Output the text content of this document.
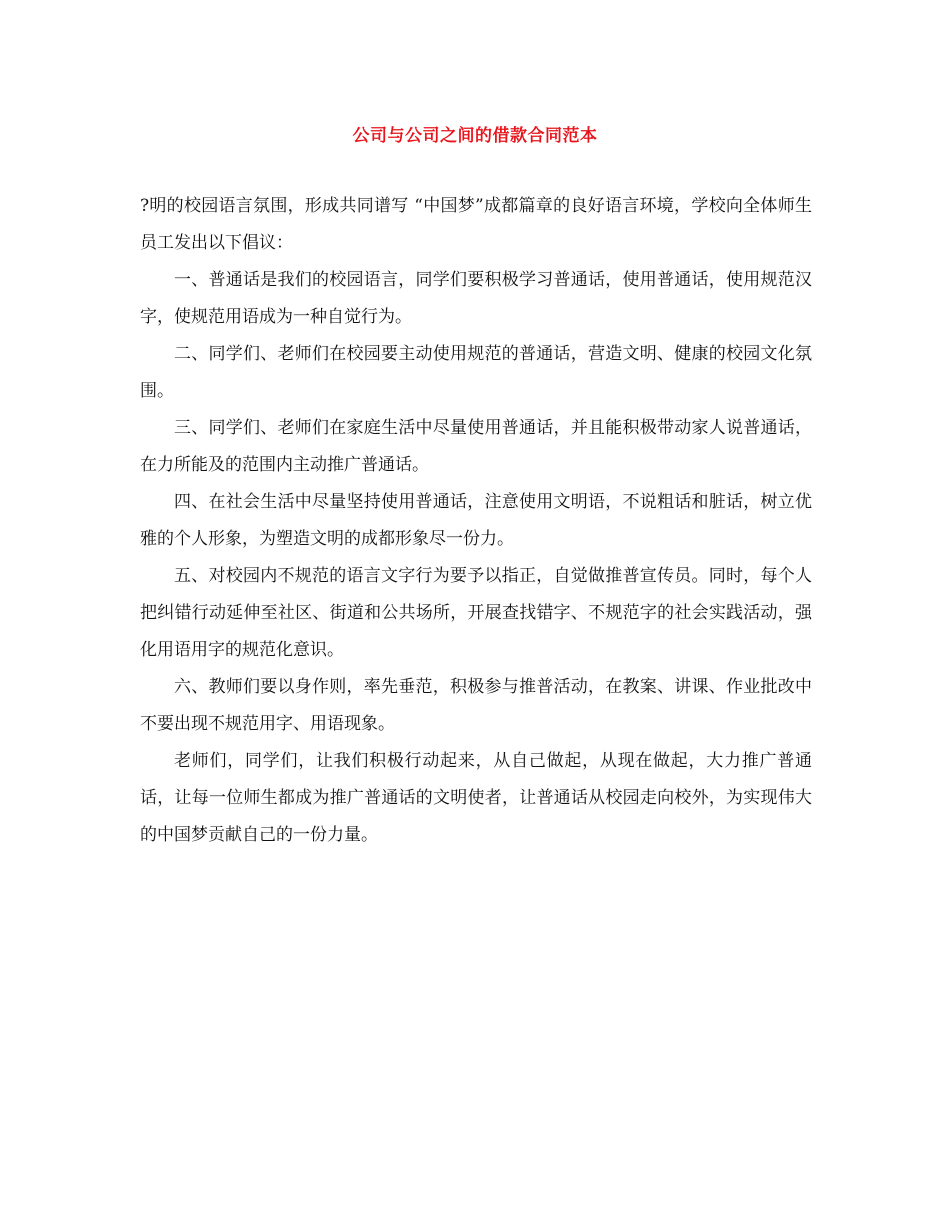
公司与公司之间的借款合同范本

?明的校园语言氛围，形成共同谱写 “中国梦”成都篇章的良好语言环境，学校向全体师生员工发出以下倡议：

一、普通话是我们的校园语言，同学们要积极学习普通话，使用普通话，使用规范汉字，使规范用语成为一种自觉行为。

二、同学们、老师们在校园要主动使用规范的普通话，营造文明、健康的校园文化氛围。

三、同学们、老师们在家庭生活中尽量使用普通话，并且能积极带动家人说普通话，在力所能及的范围内主动推广普通话。

四、在社会生活中尽量坚持使用普通话，注意使用文明语，不说粗话和脏话，树立优雅的个人形象，为塑造文明的成都形象尽一份力。

五、对校园内不规范的语言文字行为要予以指正，自觉做推普宣传员。同时，每个人把纠错行动延伸至社区、街道和公共场所，开展查找错字、不规范字的社会实践活动，强化用语用字的规范化意识。

六、教师们要以身作则，率先垂范，积极参与推普活动，在教案、讲课、作业批改中不要出现不规范用字、用语现象。

老师们，同学们，让我们积极行动起来，从自己做起，从现在做起，大力推广普通话，让每一位师生都成为推广普通话的文明使者，让普通话从校园走向校外，为实现伟大的中国梦贡献自己的一份力量。
